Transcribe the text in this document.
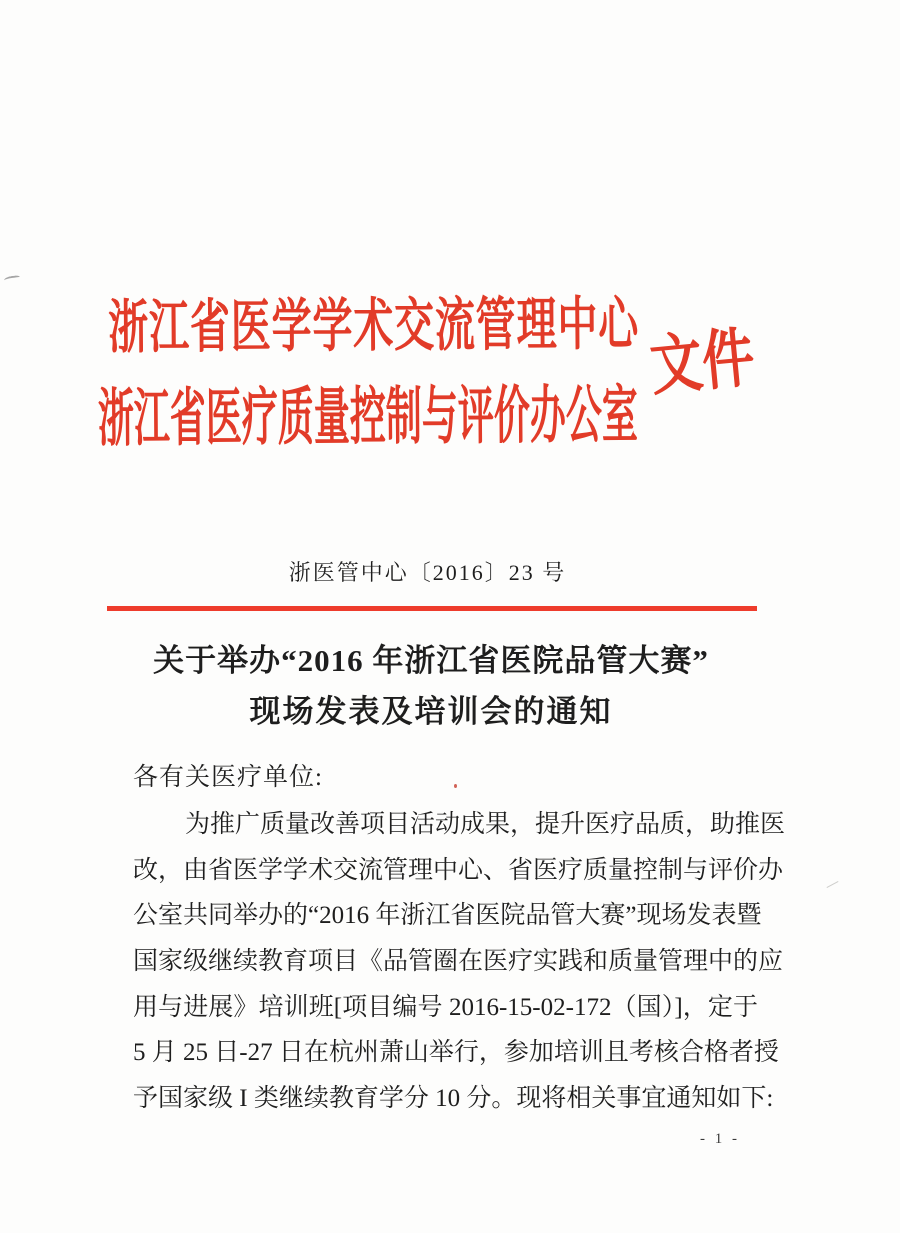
浙江省医学学术交流管理中心
浙江省医疗质量控制与评价办公室
文件
浙医管中心〔2016〕23 号
关于举办“2016 年浙江省医院品管大赛”
现场发表及培训会的通知
各有关医疗单位:
为推广质量改善项目活动成果，提升医疗品质，助推医
改，由省医学学术交流管理中心、省医疗质量控制与评价办
公室共同举办的“2016 年浙江省医院品管大赛”现场发表暨
国家级继续教育项目《品管圈在医疗实践和质量管理中的应
用与进展》培训班[项目编号 2016-15-02-172（国）]，定于
5 月 25 日-27 日在杭州萧山举行，参加培训且考核合格者授
予国家级 I 类继续教育学分 10 分。现将相关事宜通知如下:
- 1 -
